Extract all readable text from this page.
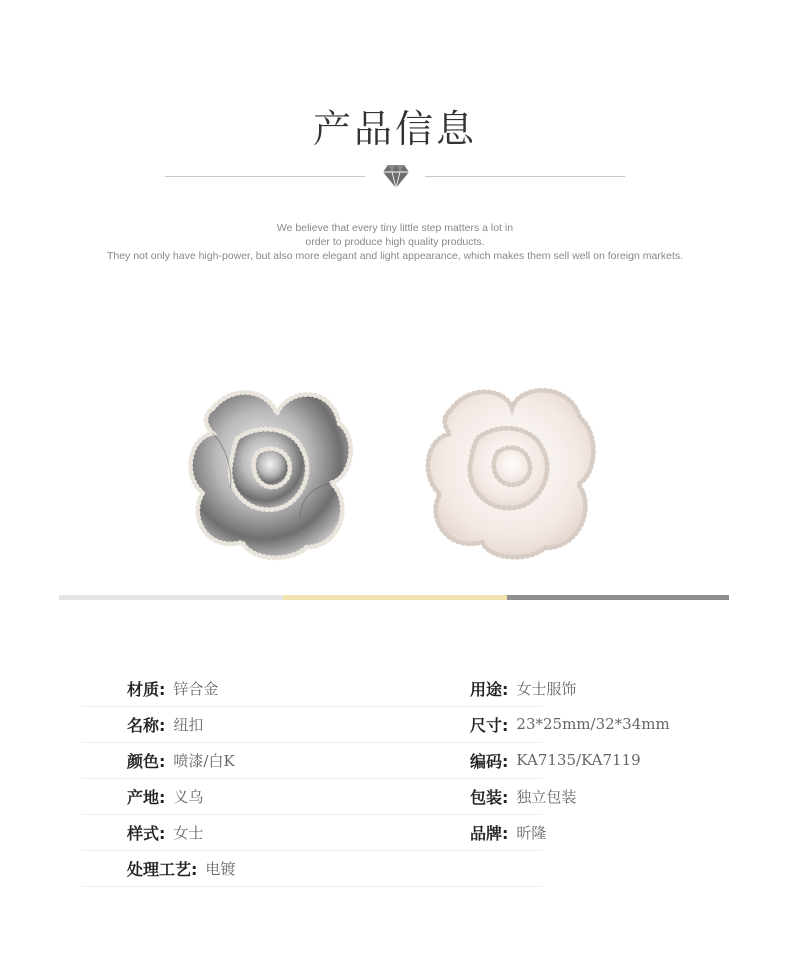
产品信息
We believe that every tiny little step matters a lot in
order to produce high quality products.
They not only have high-power, but also more elegant and light appearance, which makes them sell well on foreign markets.
材质: 锌合金
名称: 纽扣
颜色: 喷漆/白K
产地: 义乌
样式: 女士
处理工艺: 电镀
用途: 女士服饰
尺寸: 23*25mm/32*34mm
编码: KA7135/KA7119
包装: 独立包装
品牌: 昕隆
